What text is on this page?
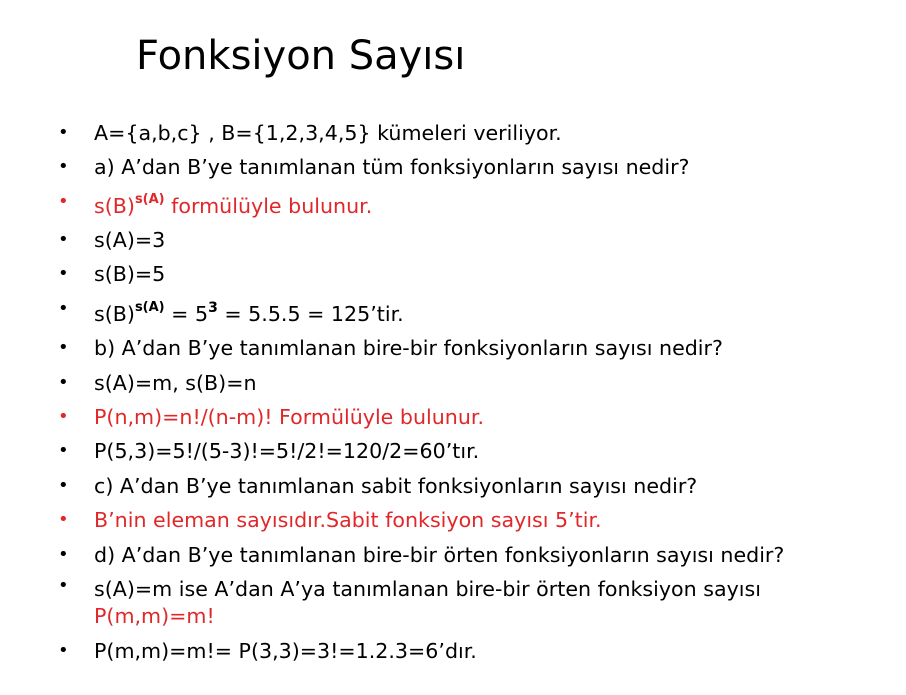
Fonksiyon Sayısı
• A={a,b,c} , B={1,2,3,4,5} kümeleri veriliyor.
• a) A’dan B’ye tanımlanan tüm fonksiyonların sayısı nedir?
• $s(B)^{s(A)}$ formülüyle bulunur.
• s(A)=3
• s(B)=5
• $s(B)^{s(A)} = 5^3 = 5.5.5$ = 125’tir.
• b) A’dan B’ye tanımlanan bire-bir fonksiyonların sayısı nedir?
• s(A)=m, s(B)=n
• P(n,m)=n!/(n-m)! Formülüyle bulunur.
• P(5,3)=5!/(5-3)!=5!/2!=120/2=60’tır.
• c) A’dan B’ye tanımlanan sabit fonksiyonların sayısı nedir?
• B’nin eleman sayısıdır.Sabit fonksiyon sayısı 5’tir.
• d) A’dan B’ye tanımlanan bire-bir örten fonksiyonların sayısı nedir?
• s(A)=m ise A’dan A’ya tanımlanan bire-bir örten fonksiyon sayısı
P(m,m)=m!
• P(m,m)=m!= P(3,3)=3!=1.2.3=6’dır.
